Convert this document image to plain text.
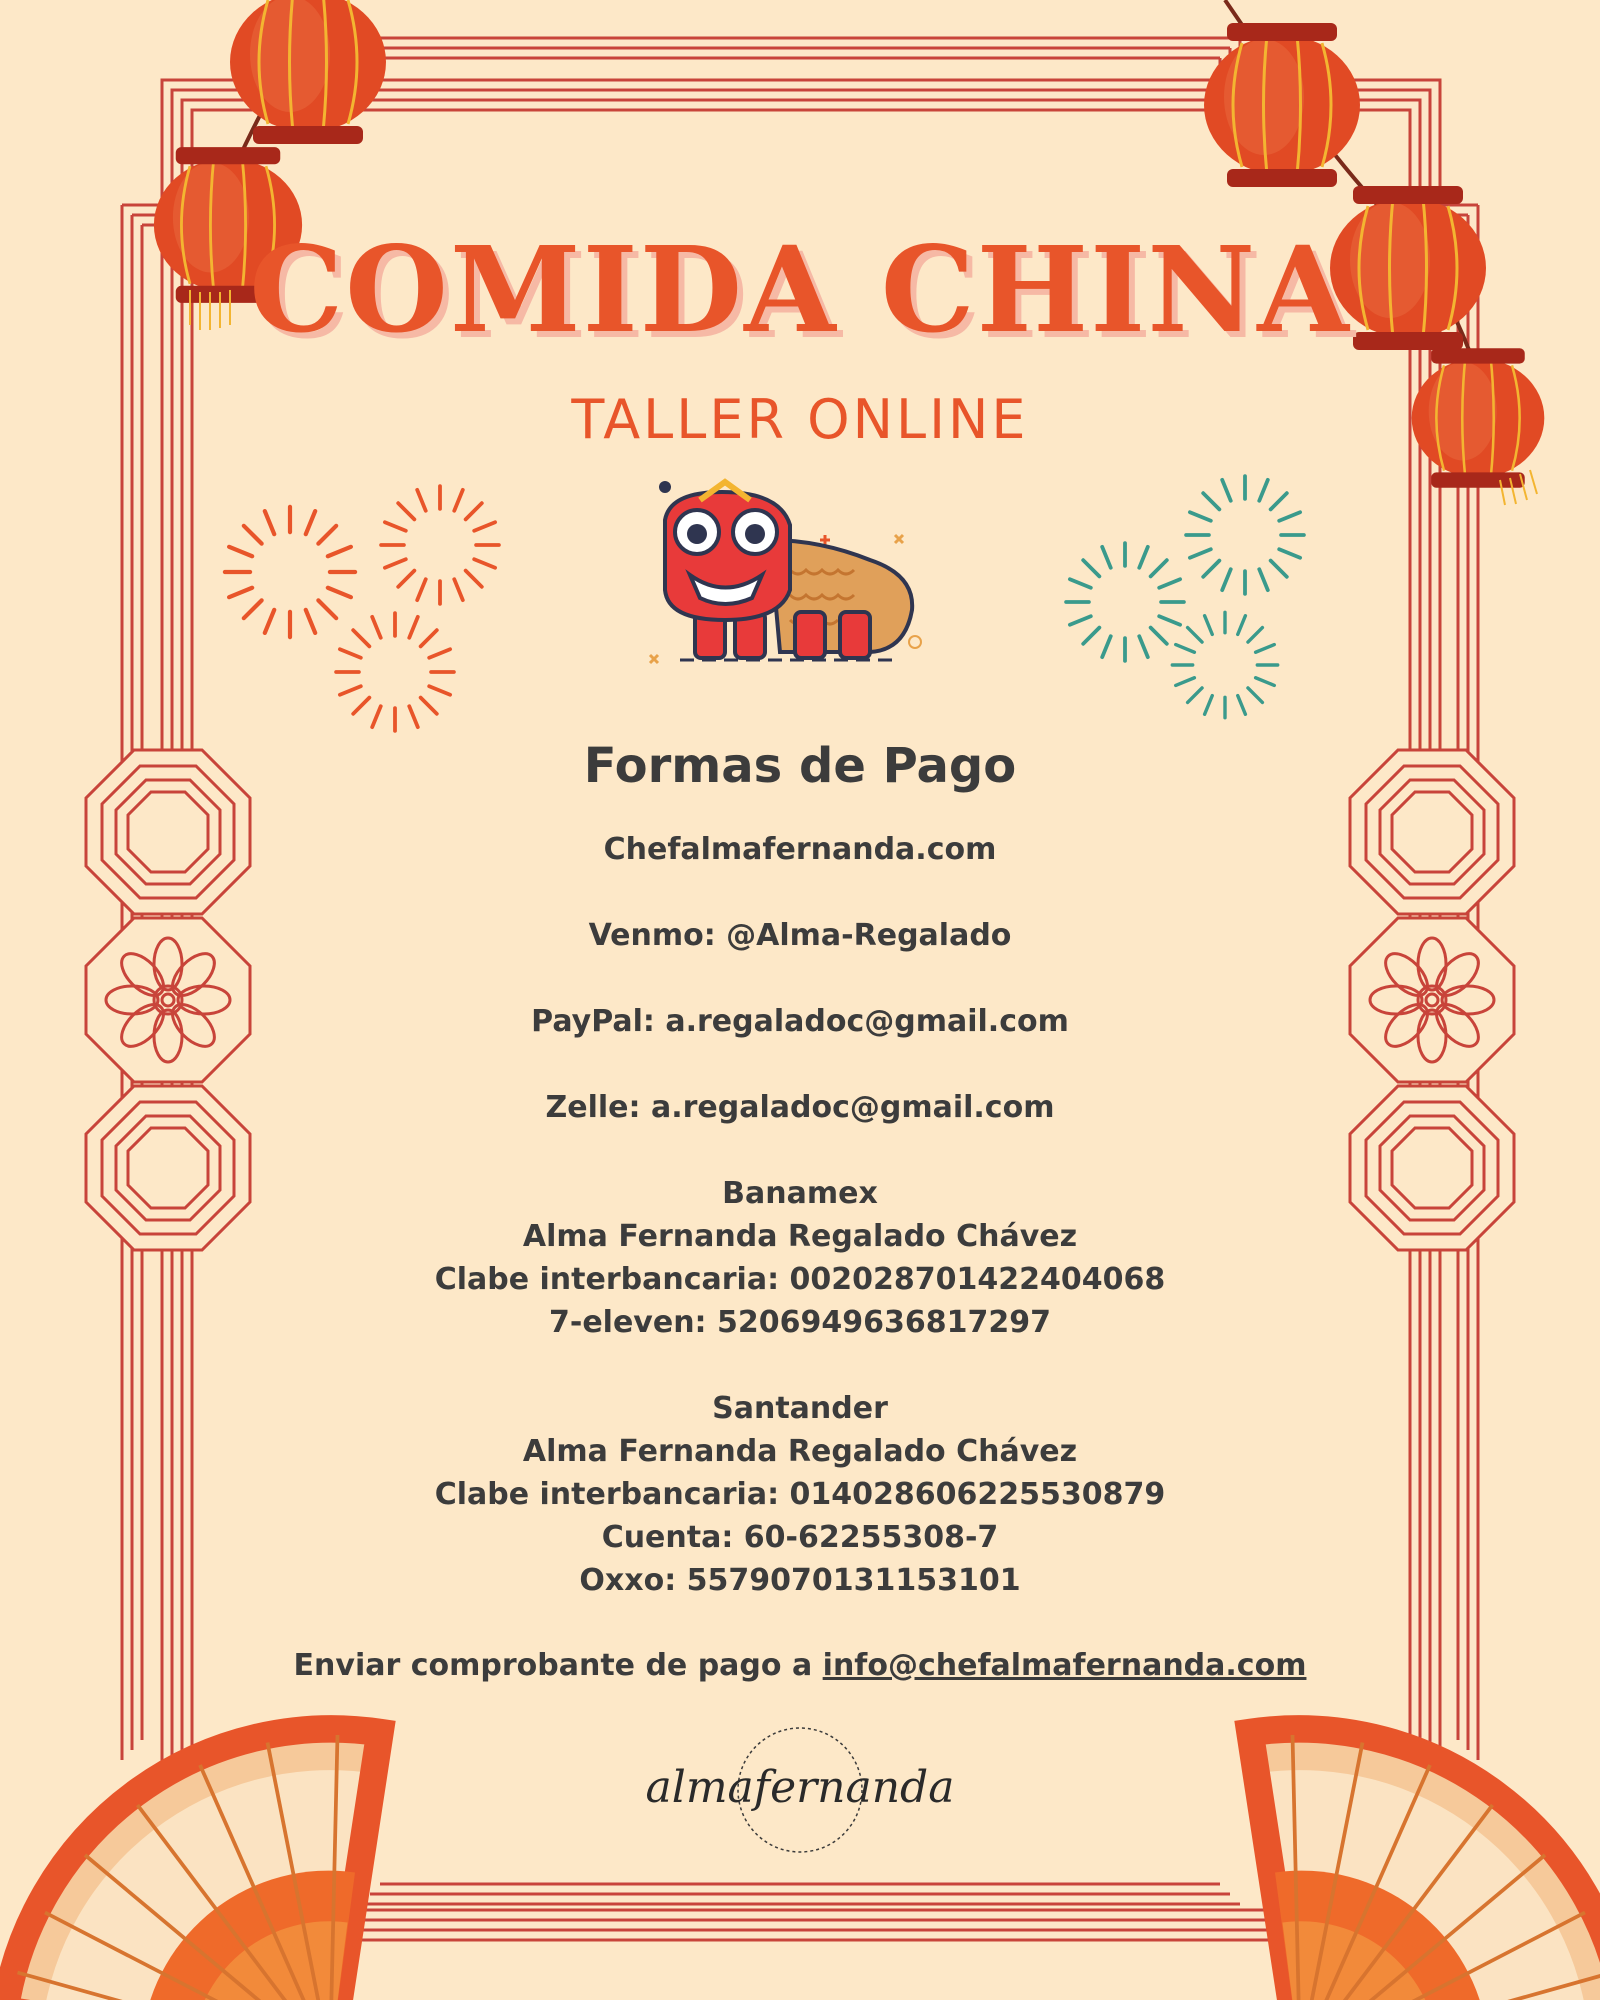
almafernanda
COMIDA CHINA
TALLER ONLINE
Formas de Pago
Chefalmafernanda.com
Venmo: @Alma-Regalado
PayPal: a.regaladoc@gmail.com
Zelle: a.regaladoc@gmail.com
Banamex
Alma Fernanda Regalado Chávez
Clabe interbancaria: 002028701422404068
7-eleven: 5206949636817297
Santander
Alma Fernanda Regalado Chávez
Clabe interbancaria: 014028606225530879
Cuenta: 60-62255308-7
Oxxo: 5579070131153101
Enviar comprobante de pago a info@chefalmafernanda.com
